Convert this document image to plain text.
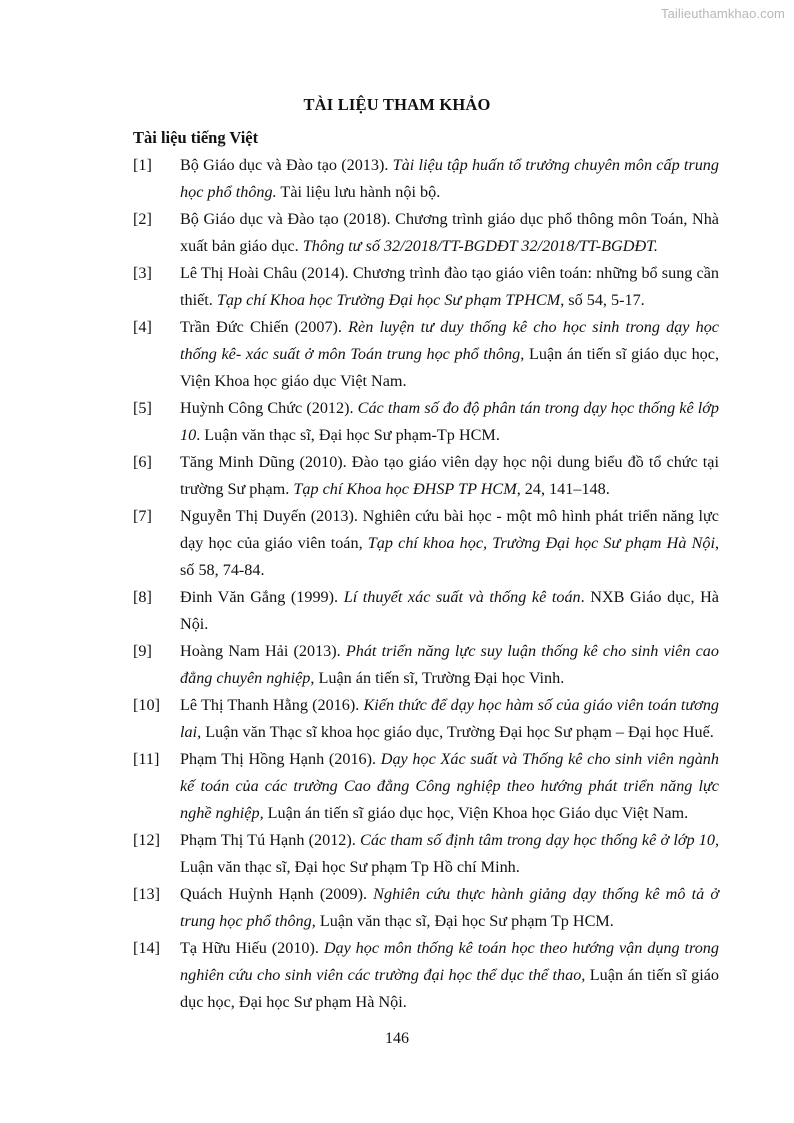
Tailieuthamkhao.com
TÀI LIỆU THAM KHẢO
Tài liệu tiếng Việt
[1] Bộ Giáo dục và Đào tạo (2013). Tài liệu tập huấn tổ trưởng chuyên môn cấp trung học phổ thông. Tài liệu lưu hành nội bộ.
[2] Bộ Giáo dục và Đào tạo (2018). Chương trình giáo dục phổ thông môn Toán, Nhà xuất bản giáo dục. Thông tư số 32/2018/TT-BGDĐT 32/2018/TT-BGDĐT.
[3] Lê Thị Hoài Châu (2014). Chương trình đào tạo giáo viên toán: những bổ sung cần thiết. Tạp chí Khoa học Trường Đại học Sư phạm TPHCM, số 54, 5-17.
[4] Trần Đức Chiến (2007). Rèn luyện tư duy thống kê cho học sinh trong dạy học thống kê- xác suất ở môn Toán trung học phổ thông, Luận án tiến sĩ giáo dục học, Viện Khoa học giáo dục Việt Nam.
[5] Huỳnh Công Chức (2012). Các tham số đo độ phân tán trong dạy học thống kê lớp 10. Luận văn thạc sĩ, Đại học Sư phạm-Tp HCM.
[6] Tăng Minh Dũng (2010). Đào tạo giáo viên dạy học nội dung biểu đồ tổ chức tại trường Sư phạm. Tạp chí Khoa học ĐHSP TP HCM, 24, 141–148.
[7] Nguyễn Thị Duyến (2013). Nghiên cứu bài học - một mô hình phát triển năng lực dạy học của giáo viên toán, Tạp chí khoa học, Trường Đại học Sư phạm Hà Nội, số 58, 74-84.
[8] Đinh Văn Gắng (1999). Lí thuyết xác suất và thống kê toán. NXB Giáo dục, Hà Nội.
[9] Hoàng Nam Hải (2013). Phát triển năng lực suy luận thống kê cho sinh viên cao đẳng chuyên nghiệp, Luận án tiến sĩ, Trường Đại học Vinh.
[10] Lê Thị Thanh Hằng (2016). Kiến thức để dạy học hàm số của giáo viên toán tương lai, Luận văn Thạc sĩ khoa học giáo dục, Trường Đại học Sư phạm – Đại học Huế.
[11] Phạm Thị Hồng Hạnh (2016). Dạy học Xác suất và Thống kê cho sinh viên ngành kế toán của các trường Cao đẳng Công nghiệp theo hướng phát triển năng lực nghề nghiệp, Luận án tiến sĩ giáo dục học, Viện Khoa học Giáo dục Việt Nam.
[12] Phạm Thị Tú Hạnh (2012). Các tham số định tâm trong dạy học thống kê ở lớp 10, Luận văn thạc sĩ, Đại học Sư phạm Tp Hồ chí Minh.
[13] Quách Huỳnh Hạnh (2009). Nghiên cứu thực hành giảng dạy thống kê mô tả ở trung học phổ thông, Luận văn thạc sĩ, Đại học Sư phạm Tp HCM.
[14] Tạ Hữu Hiếu (2010). Dạy học môn thống kê toán học theo hướng vận dụng trong nghiên cứu cho sinh viên các trường đại học thể dục thể thao, Luận án tiến sĩ giáo dục học, Đại học Sư phạm Hà Nội.
146
